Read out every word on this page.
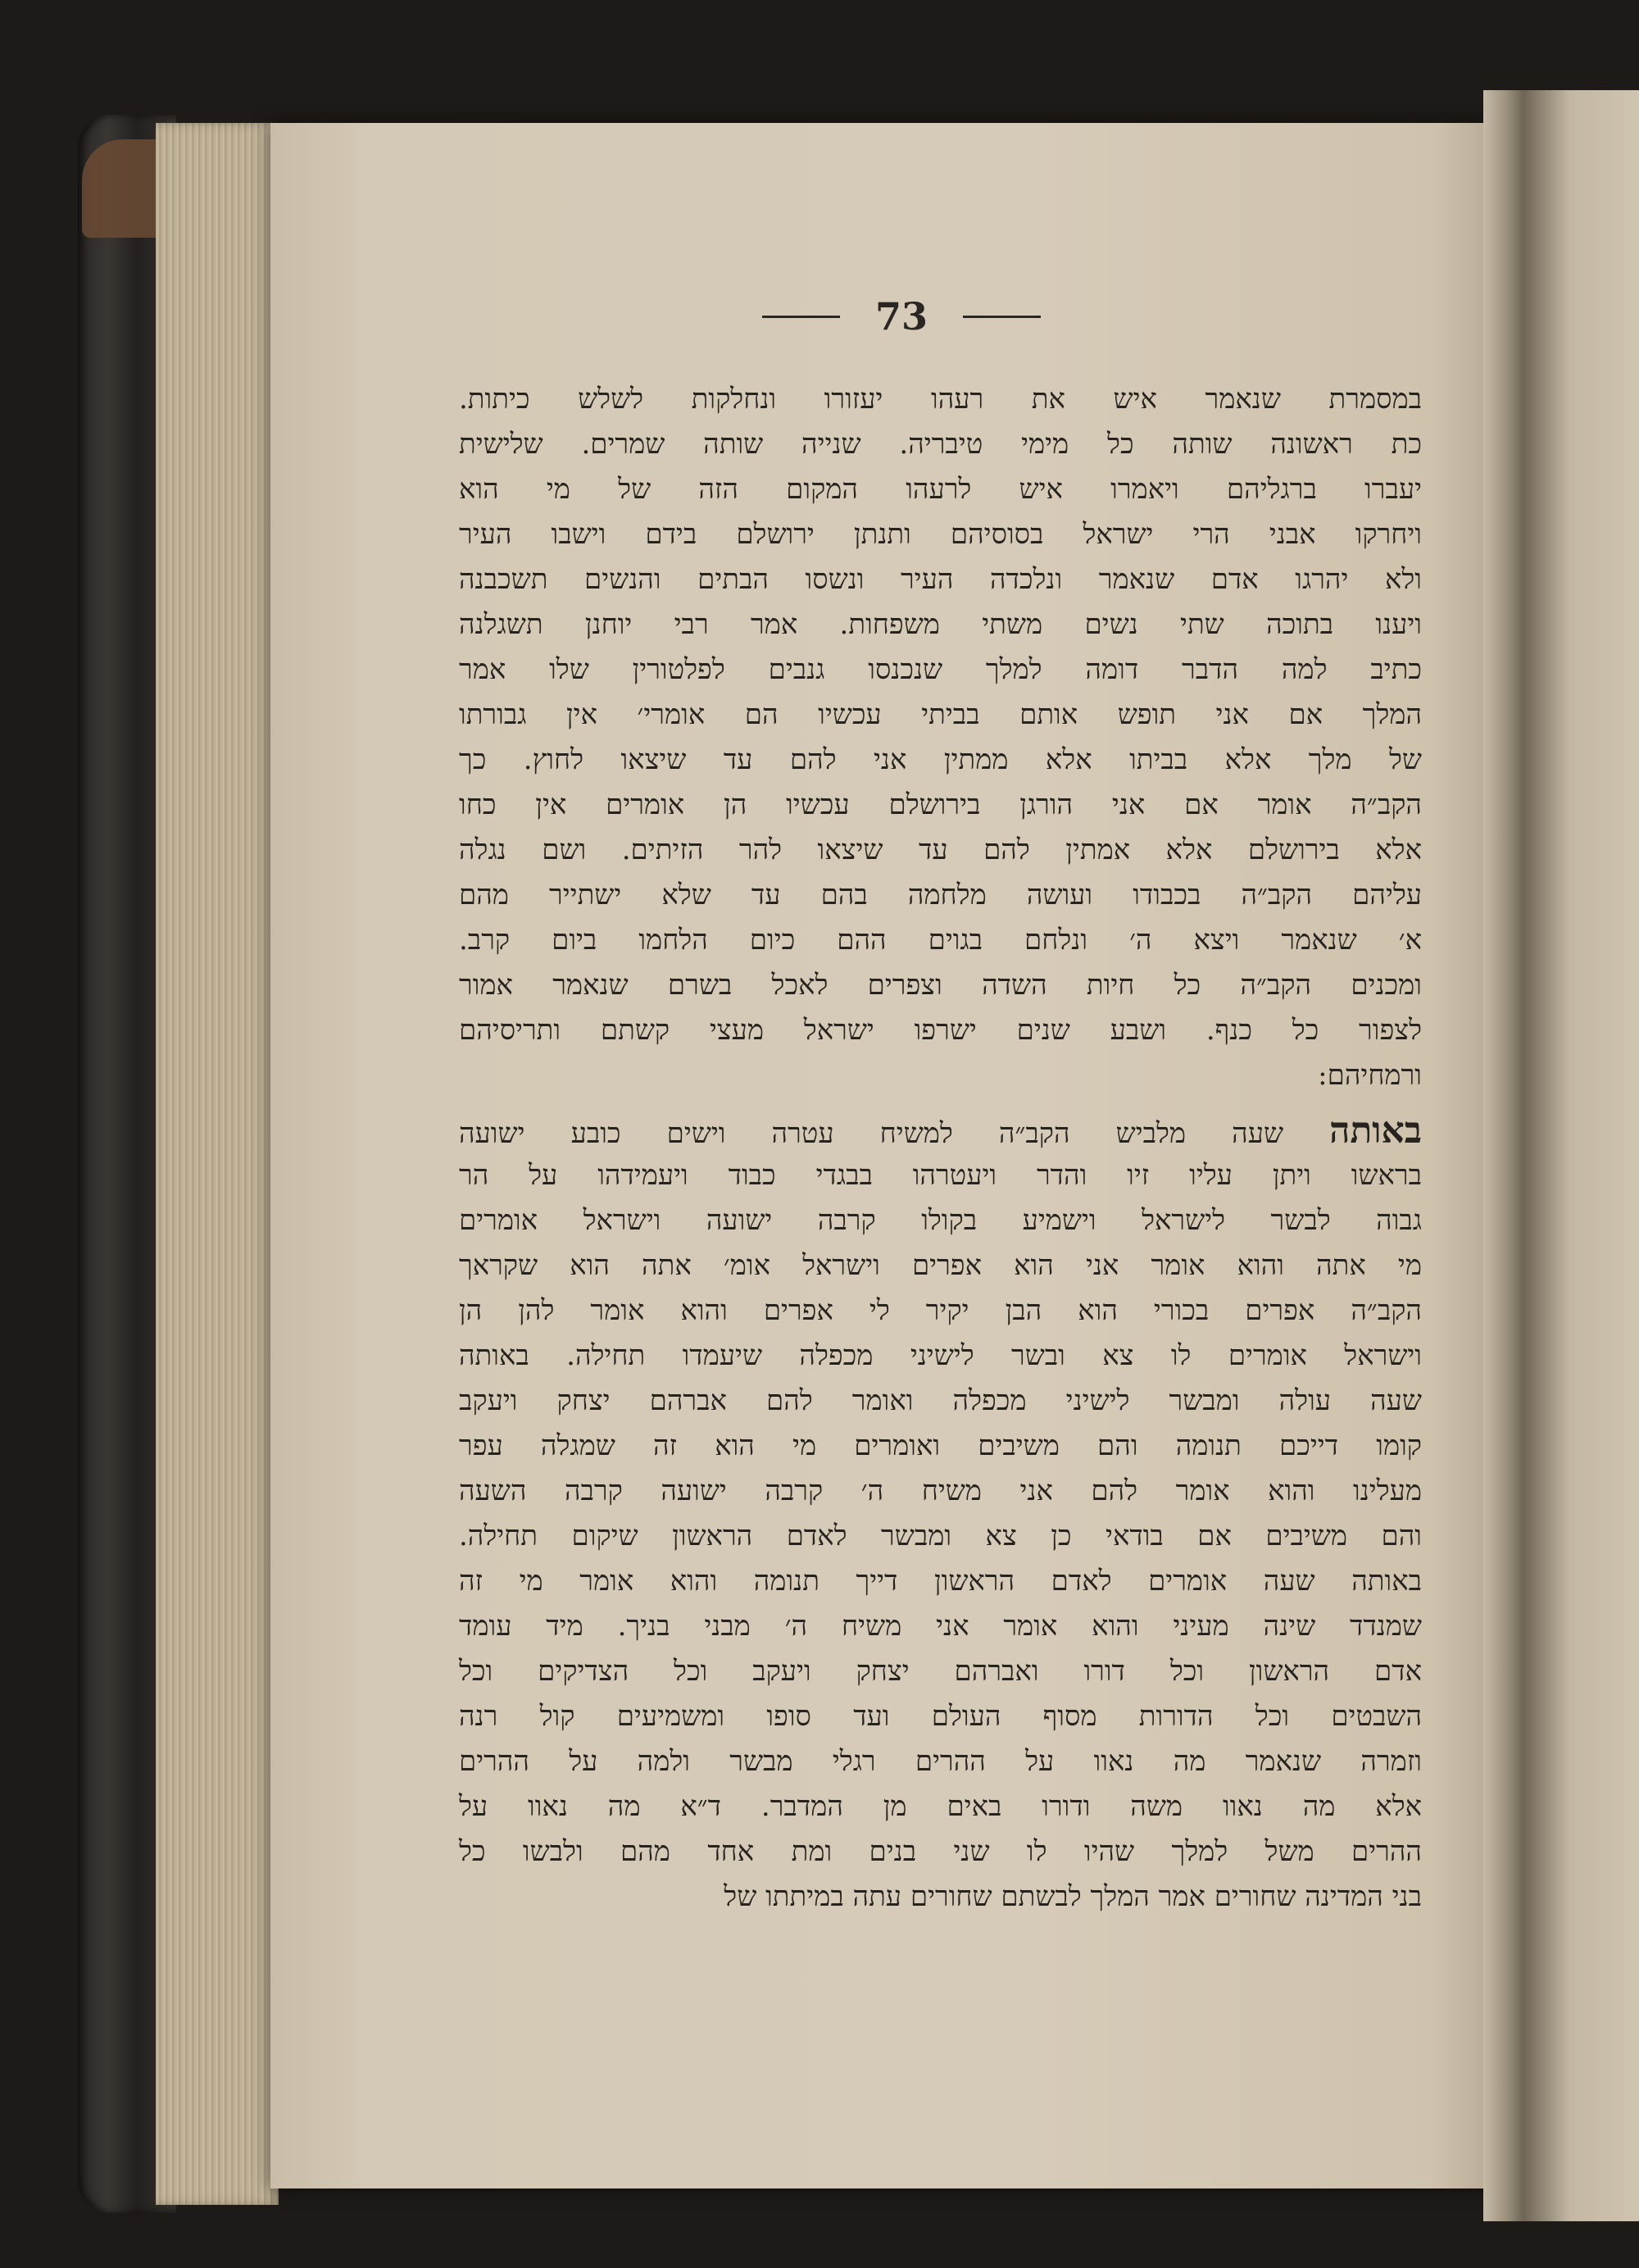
73
במסמרת שנאמר איש את רעהו יעזורו ונחלקות לשלש כיתות.
כת ראשונה שותה כל מימי טיבריה. שנייה שותה שמרים. שלישית
יעברו ברגליהם ויאמרו איש לרעהו המקום הזה של מי הוא
ויחרקו אבני הרי ישראל בסוסיהם ותנתן ירושלם בידם וישבו העיר
ולא יהרגו אדם שנאמר ונלכדה העיר ונשסו הבתים והנשים תשכבנה
ויענו בתוכה שתי נשים משתי משפחות. אמר רבי יוחנן תשגלנה
כתיב למה הדבר דומה למלך שנכנסו גנבים לפלטורין שלו אמר
המלך אם אני תופש אותם בביתי עכשיו הם אומרי׳ אין גבורתו
של מלך אלא בביתו אלא ממתין אני להם עד שיצאו לחוץ. כך
הקב״ה אומר אם אני הורגן בירושלם עכשיו הן אומרים אין כחו
אלא בירושלם אלא אמתין להם עד שיצאו להר הזיתים. ושם נגלה
עליהם הקב״ה בכבודו ועושה מלחמה בהם עד שלא ישתייר מהם
א׳ שנאמר ויצא ה׳ ונלחם בגוים ההם כיום הלחמו ביום קרב.
ומכנים הקב״ה כל חיות השדה וצפרים לאכל בשרם שנאמר אמור
לצפור כל כנף. ושבע שנים ישרפו ישראל מעצי קשתם ותריסיהם
ורמחיהם:
באותה שעה מלביש הקב״ה למשיח עטרה וישים כובע ישועה
בראשו ויתן עליו זיו והדר ויעטרהו בבגדי כבוד ויעמידהו על הר
גבוה לבשר לישראל וישמיע בקולו קרבה ישועה וישראל אומרים
מי אתה והוא אומר אני הוא אפרים וישראל אומ׳ אתה הוא שקראך
הקב״ה אפרים בכורי הוא הבן יקיר לי אפרים והוא אומר להן הן
וישראל אומרים לו צא ובשר לישיני מכפלה שיעמדו תחילה. באותה
שעה עולה ומבשר לישיני מכפלה ואומר להם אברהם יצחק ויעקב
קומו דייכם תנומה והם משיבים ואומרים מי הוא זה שמגלה עפר
מעלינו והוא אומר להם אני משיח ה׳ קרבה ישועה קרבה השעה
והם משיבים אם בודאי כן צא ומבשר לאדם הראשון שיקום תחילה.
באותה שעה אומרים לאדם הראשון דייך תנומה והוא אומר מי זה
שמנדד שינה מעיני והוא אומר אני משיח ה׳ מבני בניך. מיד עומד
אדם הראשון וכל דורו ואברהם יצחק ויעקב וכל הצדיקים וכל
השבטים וכל הדורות מסוף העולם ועד סופו ומשמיעים קול רנה
וזמרה שנאמר מה נאוו על ההרים רגלי מבשר ולמה על ההרים
אלא מה נאוו משה ודורו באים מן המדבר. ד״א מה נאוו על
ההרים משל למלך שהיו לו שני בנים ומת אחד מהם ולבשו כל
בני המדינה שחורים אמר המלך לבשתם שחורים עתה במיתתו של
